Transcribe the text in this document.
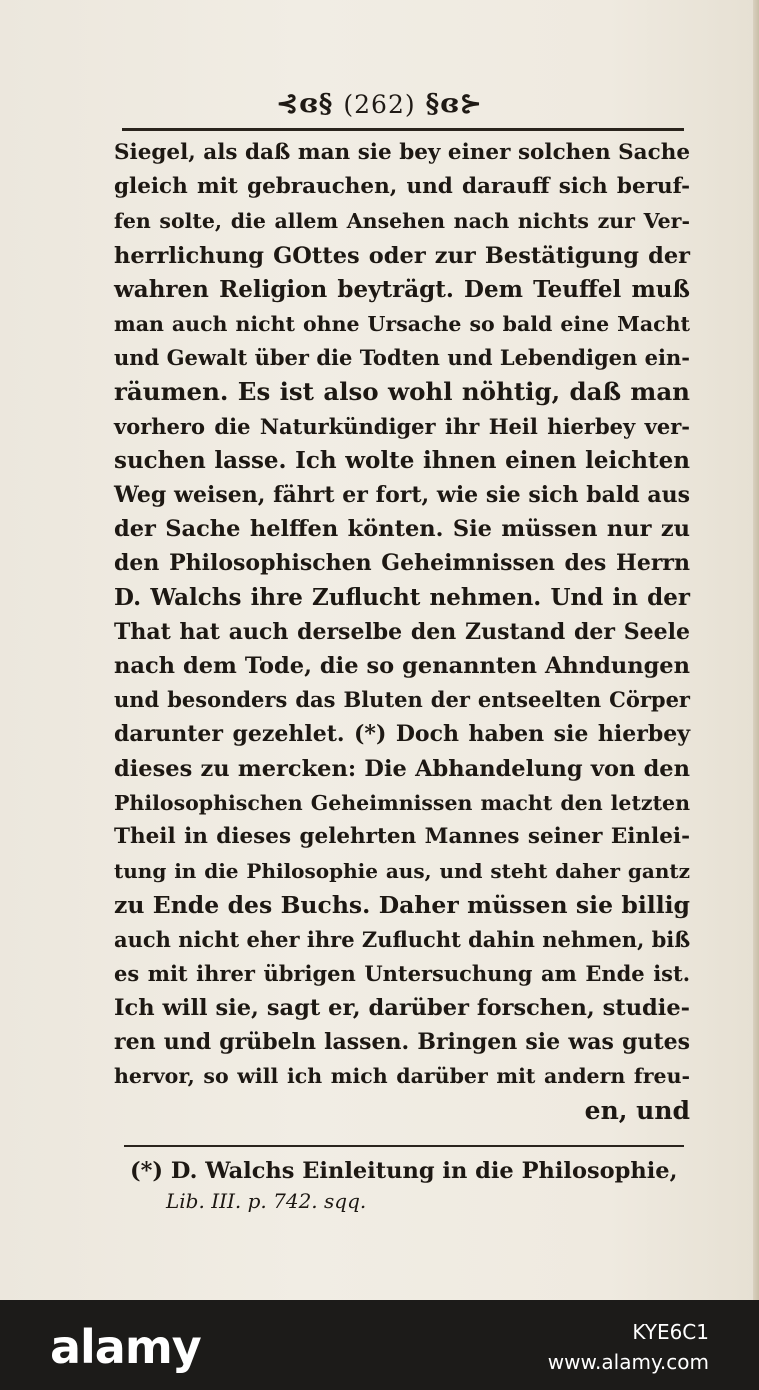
⊰ɞ§ (262) §ɞ⊱
Siegel, als daß man sie bey einer solchen Sache
gleich mit gebrauchen, und darauff sich beruf-
fen solte, die allem Ansehen nach nichts zur Ver-
herrlichung GOttes oder zur Bestätigung der
wahren Religion beyträgt. Dem Teuffel muß
man auch nicht ohne Ursache so bald eine Macht
und Gewalt über die Todten und Lebendigen ein-
räumen. Es ist also wohl nöhtig, daß man
vorhero die Naturkündiger ihr Heil hierbey ver-
suchen lasse. Ich wolte ihnen einen leichten
Weg weisen, fährt er fort, wie sie sich bald aus
der Sache helffen könten. Sie müssen nur zu
den Philosophischen Geheimnissen des Herrn
D. Walchs ihre Zuflucht nehmen. Und in der
That hat auch derselbe den Zustand der Seele
nach dem Tode, die so genannten Ahndungen
und besonders das Bluten der entseelten Cörper
darunter gezehlet. (*) Doch haben sie hierbey
dieses zu mercken: Die Abhandelung von den
Philosophischen Geheimnissen macht den letzten
Theil in dieses gelehrten Mannes seiner Einlei-
tung in die Philosophie aus, und steht daher gantz
zu Ende des Buchs. Daher müssen sie billig
auch nicht eher ihre Zuflucht dahin nehmen, biß
es mit ihrer übrigen Untersuchung am Ende ist.
Ich will sie, sagt er, darüber forschen, studie-
ren und grübeln lassen. Bringen sie was gutes
hervor, so will ich mich darüber mit andern freu-
en, und
(*) D. Walchs Einleitung in die Philosophie,
Lib. III. p. 742. sqq.
alamy	KYE6C1
www.alamy.com
